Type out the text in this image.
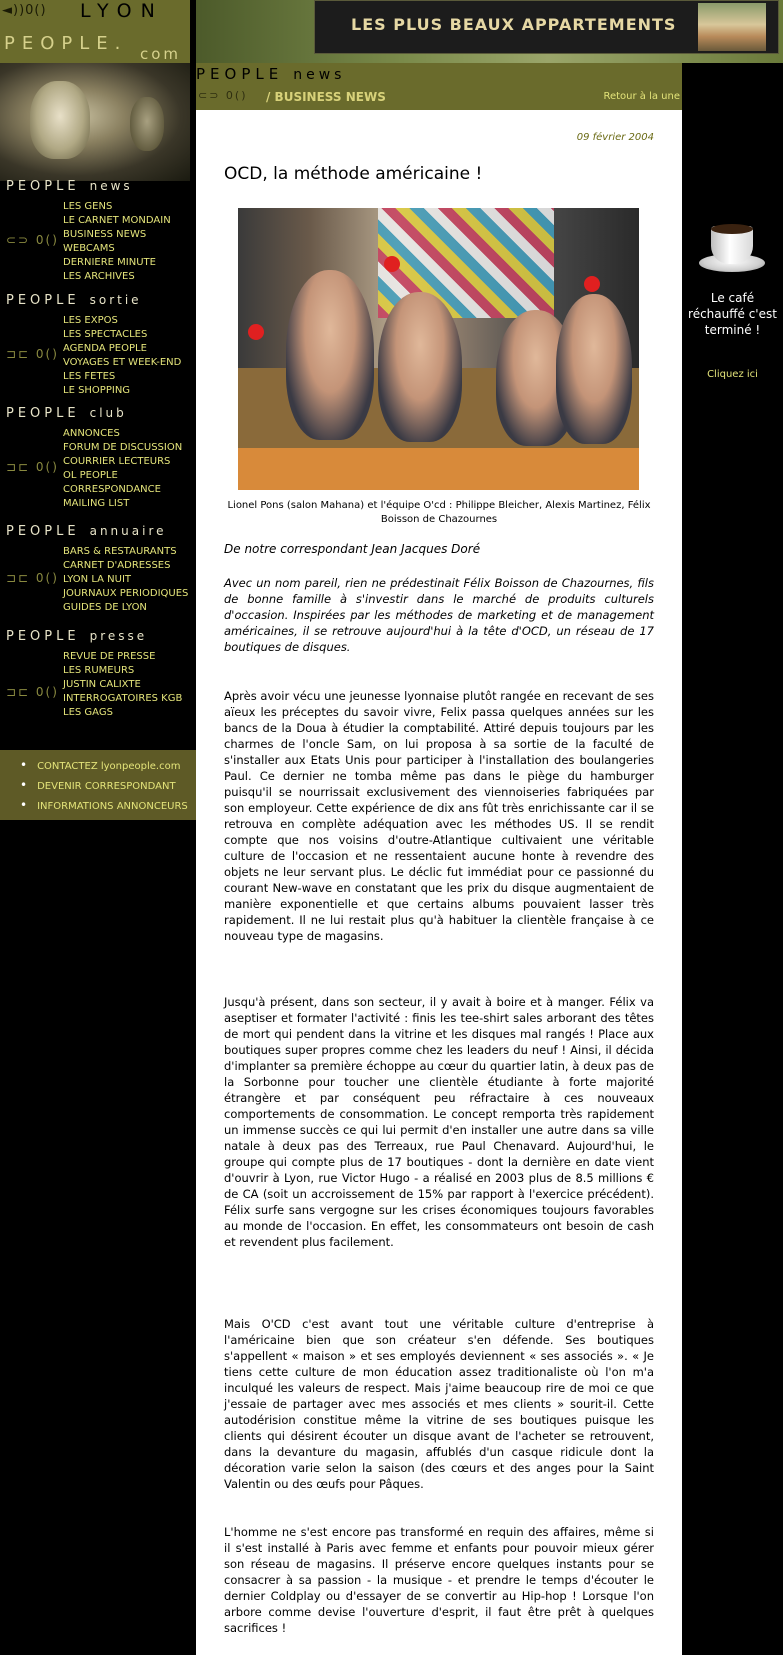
◄))0() LYON
PEOPLE. com
LES PLUS BEAUX APPARTEMENTS
PEOPLE news
⊂⊃ 0()
LES GENS
LE CARNET MONDAIN
BUSINESS NEWS
WEBCAMS
DERNIERE MINUTE
LES ARCHIVES
PEOPLE sortie
⊐⊏ 0()
LES EXPOS
LES SPECTACLES
AGENDA PEOPLE
VOYAGES ET WEEK-END
LES FETES
LE SHOPPING
PEOPLE club
⊐⊏ 0()
ANNONCES
FORUM DE DISCUSSION
COURRIER LECTEURS
OL PEOPLE
CORRESPONDANCE
MAILING LIST
PEOPLE annuaire
⊐⊏ 0()
BARS & RESTAURANTS
CARNET D'ADRESSES
LYON LA NUIT
JOURNAUX PERIODIQUES
GUIDES DE LYON
PEOPLE presse
⊐⊏ 0()
REVUE DE PRESSE
LES RUMEURS
JUSTIN CALIXTE
INTERROGATOIRES KGB
LES GAGS
• CONTACTEZ lyonpeople.com
• DEVENIR CORRESPONDANT
• INFORMATIONS ANNONCEURS
PEOPLE news
⊂⊃ 0() / BUSINESS NEWS	Retour à la une
09 février 2004
OCD, la méthode américaine !
Lionel Pons (salon Mahana) et l'équipe O'cd : Philippe Bleicher, Alexis Martinez, Félix Boisson de Chazournes

De notre correspondant Jean Jacques Doré

Avec un nom pareil, rien ne prédestinait Félix Boisson de Chazournes, fils de bonne famille à s'investir dans le marché de produits culturels d'occasion. Inspirées par les méthodes de marketing et de management américaines, il se retrouve aujourd'hui à la tête d'OCD, un réseau de 17 boutiques de disques.

Après avoir vécu une jeunesse lyonnaise plutôt rangée en recevant de ses aïeux les préceptes du savoir vivre, Felix passa quelques années sur les bancs de la Doua à étudier la comptabilité. Attiré depuis toujours par les charmes de l'oncle Sam, on lui proposa à sa sortie de la faculté de s'installer aux Etats Unis pour participer à l'installation des boulangeries Paul. Ce dernier ne tomba même pas dans le piège du hamburger puisqu'il se nourrissait exclusivement des viennoiseries fabriquées par son employeur. Cette expérience de dix ans fût très enrichissante car il se retrouva en complète adéquation avec les méthodes US. Il se rendit compte que nos voisins d'outre-Atlantique cultivaient une véritable culture de l'occasion et ne ressentaient aucune honte à revendre des objets ne leur servant plus. Le déclic fut immédiat pour ce passionné du courant New-wave en constatant que les prix du disque augmentaient de manière exponentielle et que certains albums pouvaient lasser très rapidement. Il ne lui restait plus qu'à habituer la clientèle française à ce nouveau type de magasins.

Jusqu'à présent, dans son secteur, il y avait à boire et à manger. Félix va aseptiser et formater l'activité : finis les tee-shirt sales arborant des têtes de mort qui pendent dans la vitrine et les disques mal rangés ! Place aux boutiques super propres comme chez les leaders du neuf ! Ainsi, il décida d'implanter sa première échoppe au cœur du quartier latin, à deux pas de la Sorbonne pour toucher une clientèle étudiante à forte majorité étrangère et par conséquent peu réfractaire à ces nouveaux comportements de consommation. Le concept remporta très rapidement un immense succès ce qui lui permit d'en installer une autre dans sa ville natale à deux pas des Terreaux, rue Paul Chenavard. Aujourd'hui, le groupe qui compte plus de 17 boutiques - dont la dernière en date vient d'ouvrir à Lyon, rue Victor Hugo - a réalisé en 2003 plus de 8.5 millions € de CA (soit un accroissement de 15% par rapport à l'exercice précédent). Félix surfe sans vergogne sur les crises économiques toujours favorables au monde de l'occasion. En effet, les consommateurs ont besoin de cash et revendent plus facilement.

Mais O'CD c'est avant tout une véritable culture d'entreprise à l'américaine bien que son créateur s'en défende. Ses boutiques s'appellent « maison » et ses employés deviennent « ses associés ». « Je tiens cette culture de mon éducation assez traditionaliste où l'on m'a inculqué les valeurs de respect. Mais j'aime beaucoup rire de moi ce que j'essaie de partager avec mes associés et mes clients » sourit-il. Cette autodérision constitue même la vitrine de ses boutiques puisque les clients qui désirent écouter un disque avant de l'acheter se retrouvent, dans la devanture du magasin, affublés d'un casque ridicule dont la décoration varie selon la saison (des cœurs et des anges pour la Saint Valentin ou des œufs pour Pâques.

L'homme ne s'est encore pas transformé en requin des affaires, même si il s'est installé à Paris avec femme et enfants pour pouvoir mieux gérer son réseau de magasins. Il préserve encore quelques instants pour se consacrer à sa passion - la musique - et prendre le temps d'écouter le dernier Coldplay ou d'essayer de se convertir au Hip-hop ! Lorsque l'on arbore comme devise l'ouverture d'esprit, il faut être prêt à quelques sacrifices !

Le café réchauffé c'est terminé !
Cliquez ici
